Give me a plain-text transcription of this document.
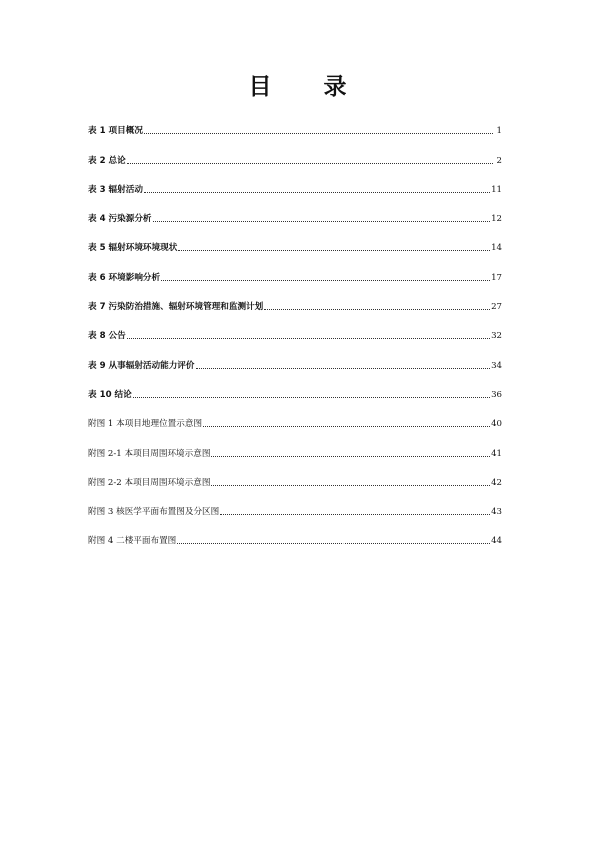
目 录
表 1 项目概况	1
表 2 总论	2
表 3 辐射活动	11
表 4 污染源分析	12
表 5 辐射环境环境现状	14
表 6 环境影响分析	17
表 7 污染防治措施、辐射环境管理和监测计划	27
表 8 公告	32
表 9 从事辐射活动能力评价	34
表 10 结论	36
附图 1 本项目地理位置示意图	40
附图 2-1 本项目周围环境示意图	41
附图 2-2 本项目周围环境示意图	42
附图 3 核医学平面布置图及分区图	43
附图 4 二楼平面布置图	44
